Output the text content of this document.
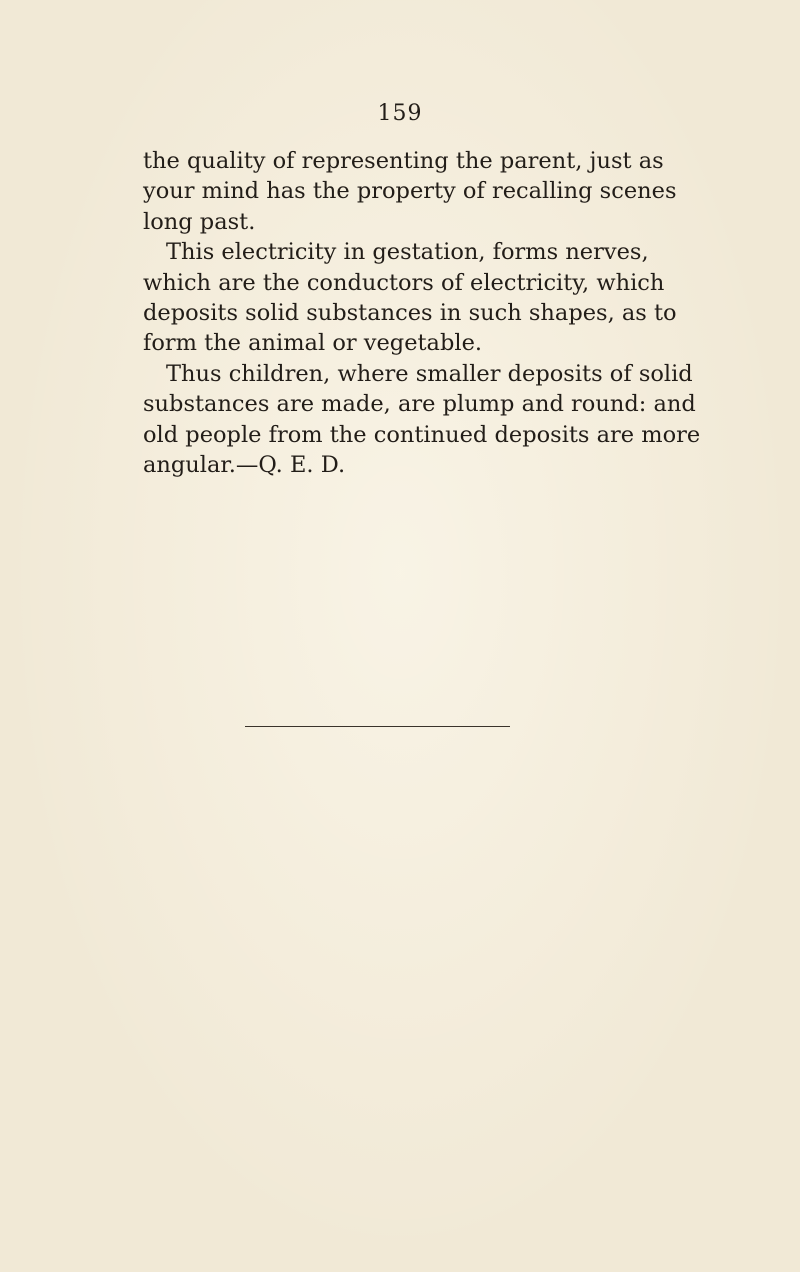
159

the quality of representing the parent, just as
your mind has the property of recalling scenes
long past.

This electricity in gestation, forms nerves,
which are the conductors of electricity, which
deposits solid substances in such shapes, as to
form the animal or vegetable.

Thus children, where smaller deposits of solid
substances are made, are plump and round: and
old people from the continued deposits are more
angular.—Q. E. D.
